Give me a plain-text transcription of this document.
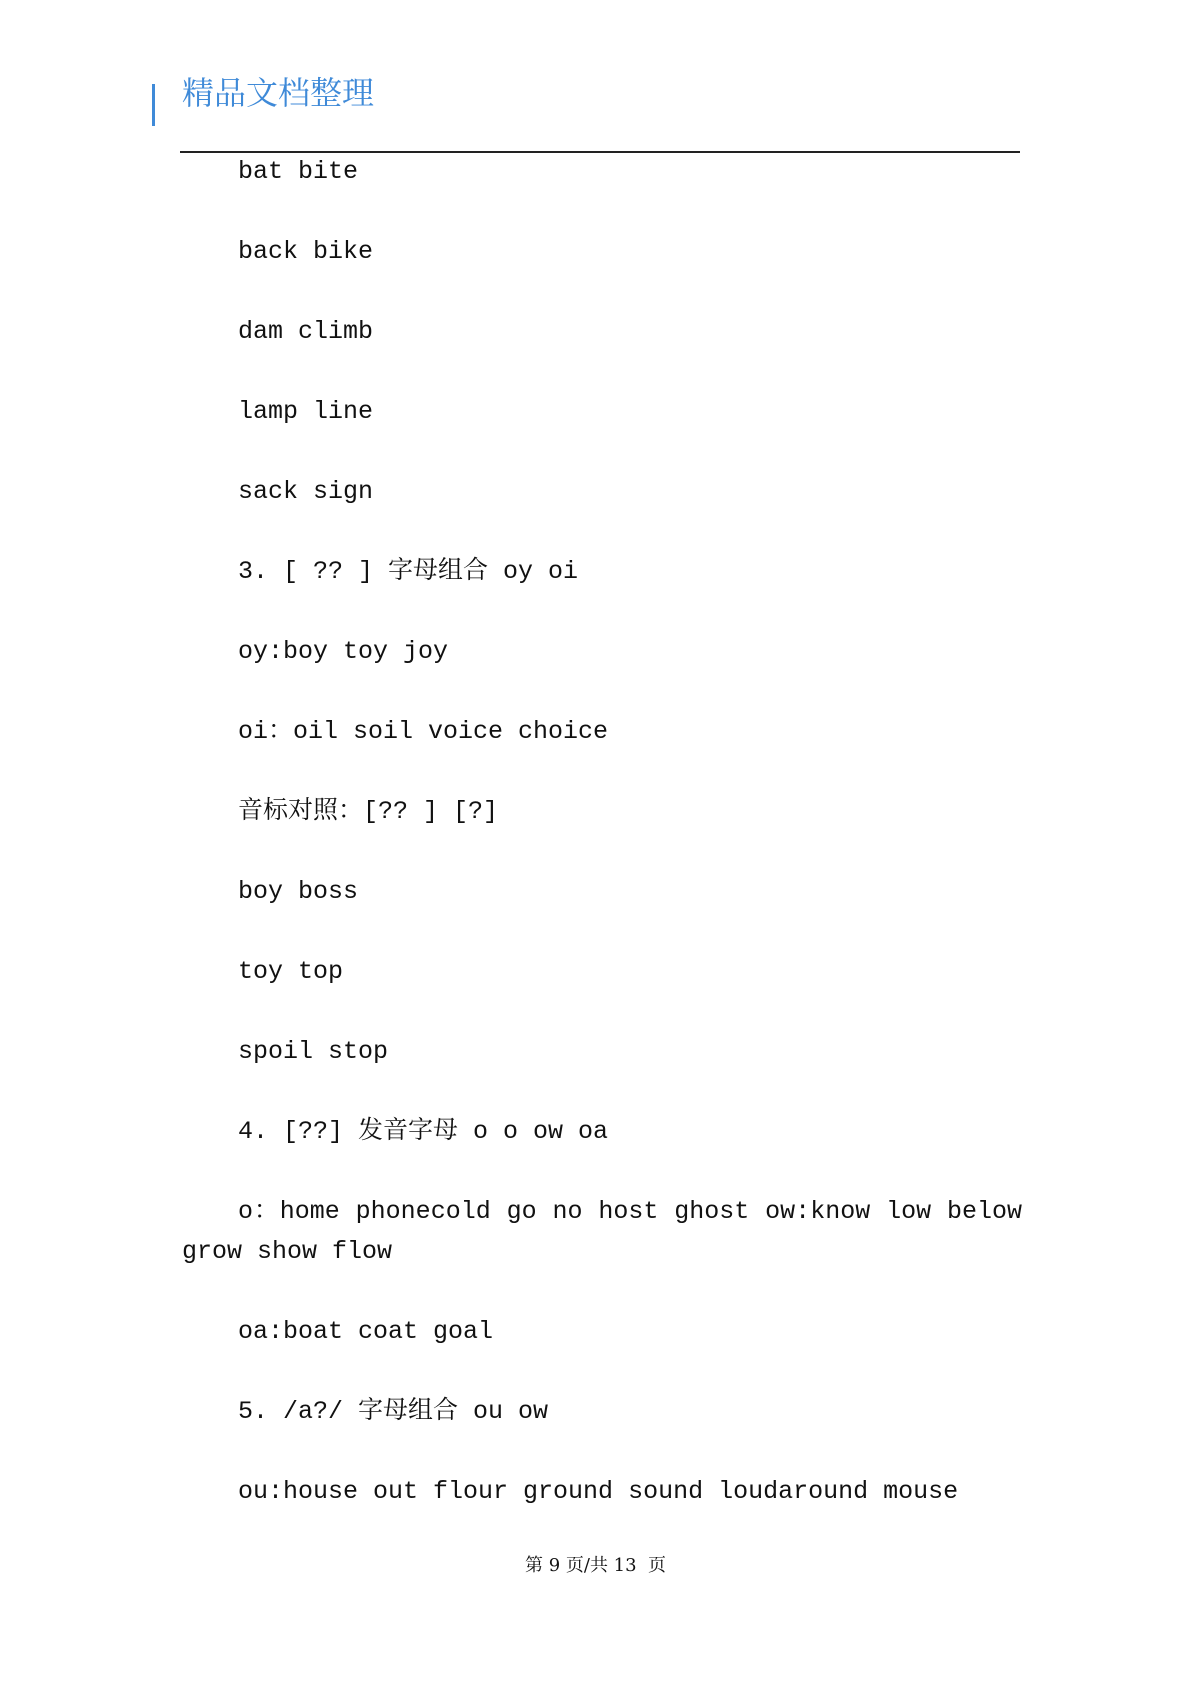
精品文档整理
bat bite
back bike
dam climb
lamp line
sack sign
3. [ ?? ] 字母组合 oy oi
oy:boy toy joy
oi：oil soil voice choice
音标对照：[?? ] [?]
boy boss
toy top
spoil stop
4. [??] 发音字母 o o ow oa
o：home phonecold go no host ghost ow:know low below grow show flow
oa:boat coat goal
5. /a?/ 字母组合 ou ow
ou:house out flour ground sound loudaround mouse
第 9 页/共 13  页
